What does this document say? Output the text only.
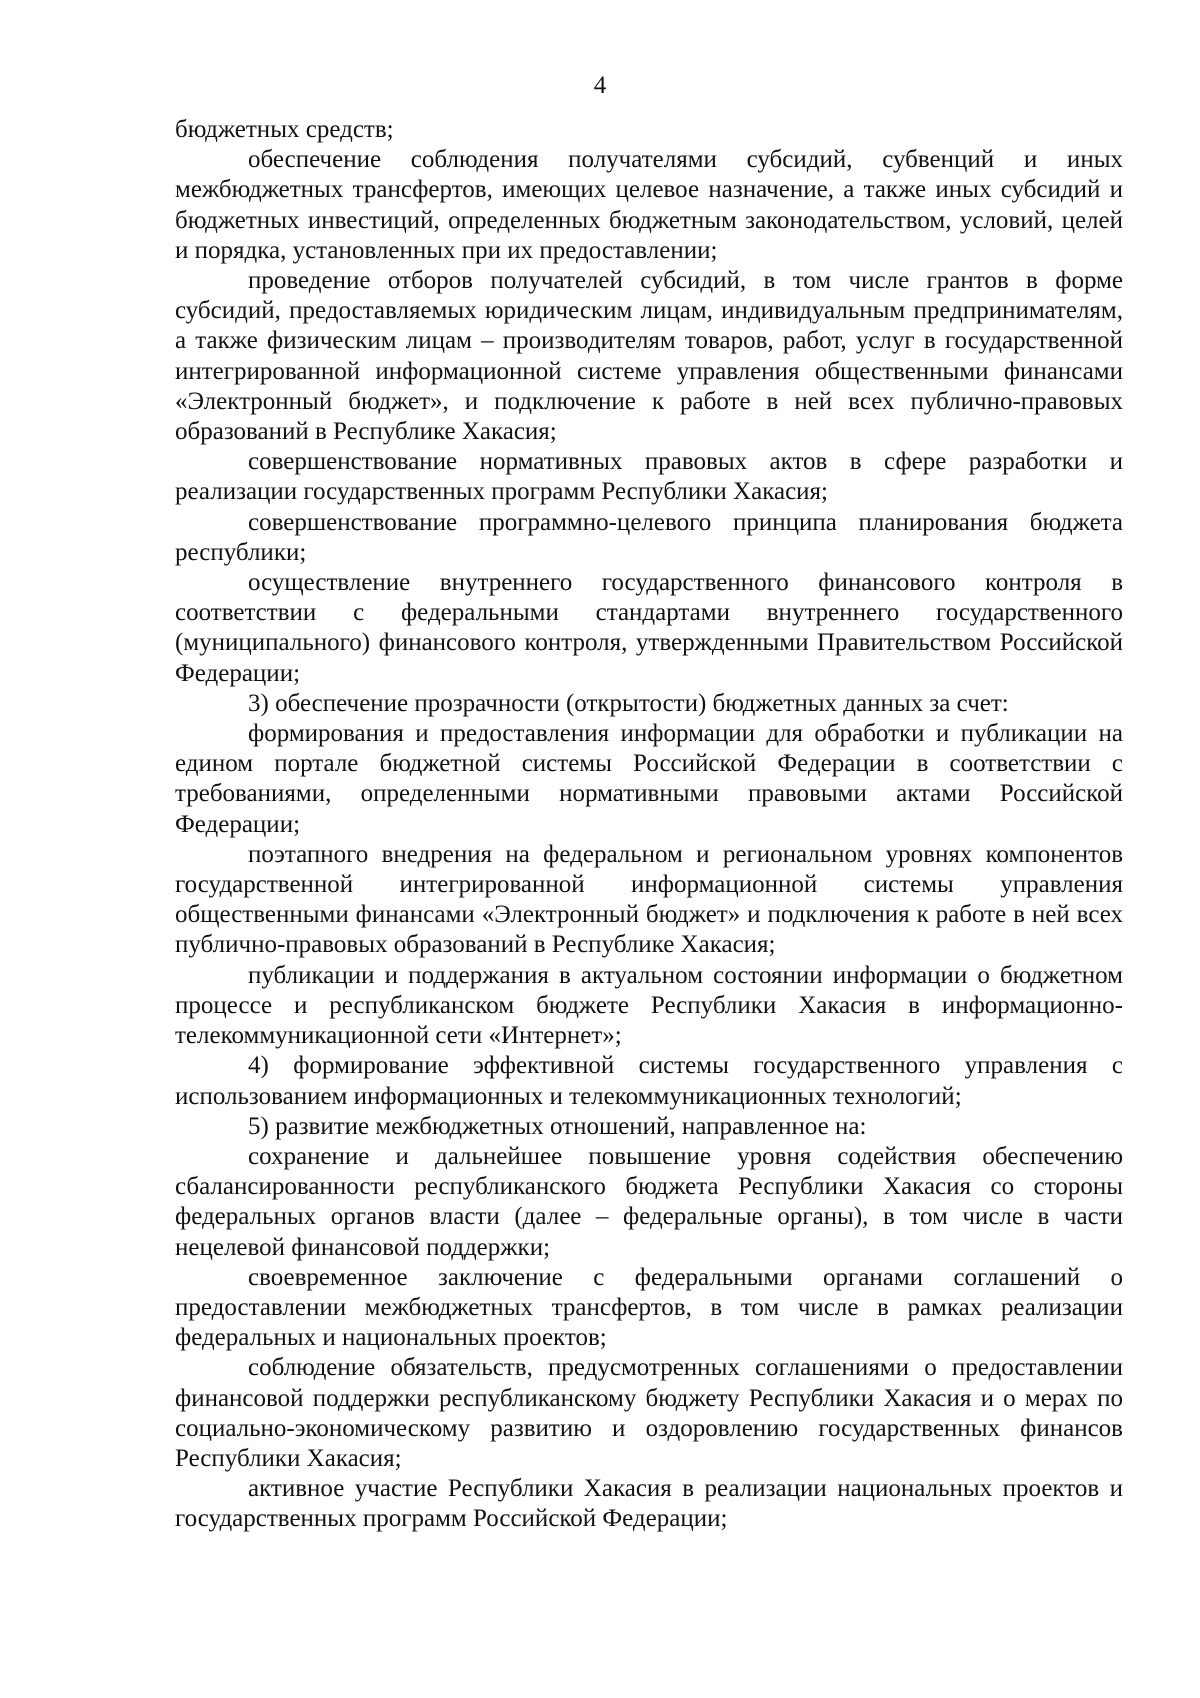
4

бюджетных средств;

обеспечение соблюдения получателями субсидий, субвенций и иных межбюджетных трансфертов, имеющих целевое назначение, а также иных субсидий и бюджетных инвестиций, определенных бюджетным законодательством, условий, целей и порядка, установленных при их предоставлении;

проведение отборов получателей субсидий, в том числе грантов в форме субсидий, предоставляемых юридическим лицам, индивидуальным предпринимателям, а также физическим лицам – производителям товаров, работ, услуг в государственной интегрированной информационной системе управления общественными финансами «Электронный бюджет», и подключение к работе в ней всех публично-правовых образований в Республике Хакасия;

совершенствование нормативных правовых актов в сфере разработки и реализации государственных программ Республики Хакасия;

совершенствование программно-целевого принципа планирования бюджета республики;

осуществление внутреннего государственного финансового контроля в соответствии с федеральными стандартами внутреннего государственного (муниципального) финансового контроля, утвержденными Правительством Российской Федерации;

3) обеспечение прозрачности (открытости) бюджетных данных за счет:

формирования и предоставления информации для обработки и публикации на едином портале бюджетной системы Российской Федерации в соответствии с требованиями, определенными нормативными правовыми актами Российской Федерации;

поэтапного внедрения на федеральном и региональном уровнях компонентов государственной интегрированной информационной системы управления общественными финансами «Электронный бюджет» и подключения к работе в ней всех публично-правовых образований в Республике Хакасия;

публикации и поддержания в актуальном состоянии информации о бюджетном процессе и республиканском бюджете Республики Хакасия в информационно-телекоммуникационной сети «Интернет»;

4) формирование эффективной системы государственного управления с использованием информационных и телекоммуникационных технологий;

5) развитие межбюджетных отношений, направленное на:

сохранение и дальнейшее повышение уровня содействия обеспечению сбалансированности республиканского бюджета Республики Хакасия со стороны федеральных органов власти (далее – федеральные органы), в том числе в части нецелевой финансовой поддержки;

своевременное заключение с федеральными органами соглашений о предоставлении межбюджетных трансфертов, в том числе в рамках реализации федеральных и национальных проектов;

соблюдение обязательств, предусмотренных соглашениями о предоставлении финансовой поддержки республиканскому бюджету Республики Хакасия и о мерах по социально-экономическому развитию и оздоровлению государственных финансов Республики Хакасия;

активное участие Республики Хакасия в реализации национальных проектов и государственных программ Российской Федерации;
